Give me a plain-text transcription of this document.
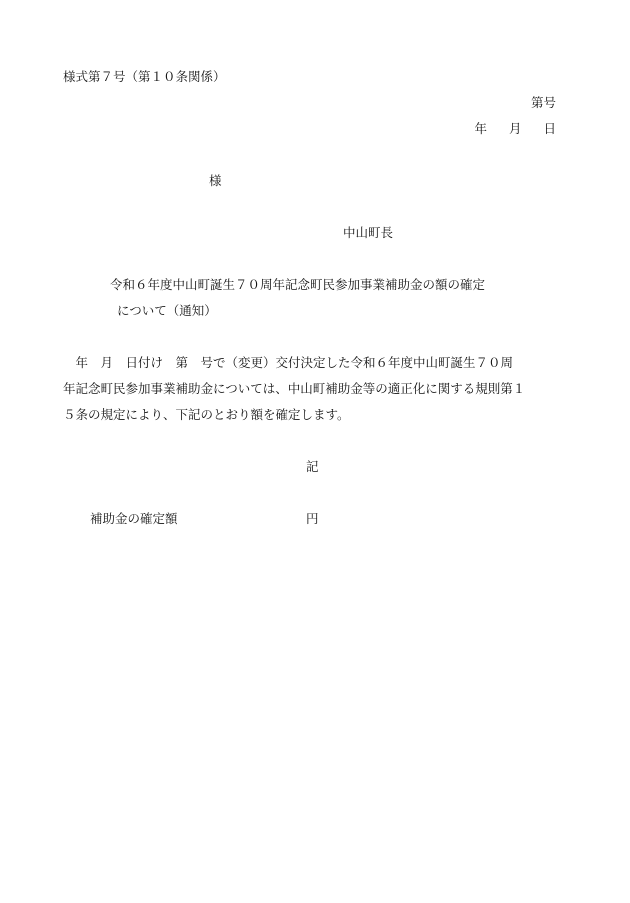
様式第７号（第１０条関係）
第号
年 月 日
様
中山町長
令和６年度中山町誕生７０周年記念町民参加事業補助金の額の確定
について（通知）
　年　月　日付け　第　号で（変更）交付決定した令和６年度中山町誕生７０周
年記念町民参加事業補助金については、中山町補助金等の適正化に関する規則第１
５条の規定により、下記のとおり額を確定します。
記
補助金の確定額	円
